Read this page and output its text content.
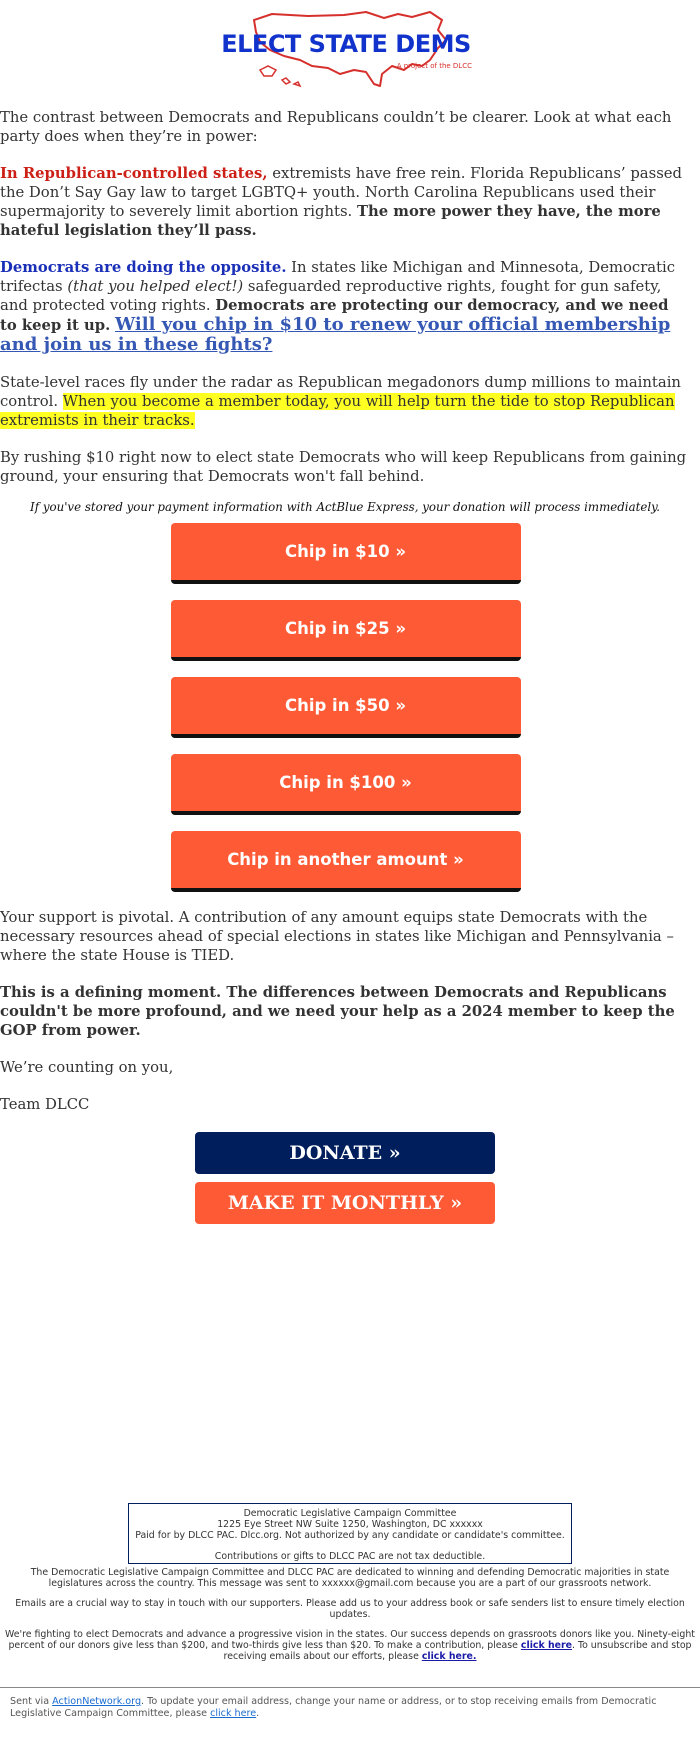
ELECT STATE DEMS
A project of the DLCC

The contrast between Democrats and Republicans couldn’t be clearer. Look at what each party does when they’re in power:

In Republican-controlled states, extremists have free rein. Florida Republicans’ passed the Don’t Say Gay law to target LGBTQ+ youth. North Carolina Republicans used their supermajority to severely limit abortion rights. The more power they have, the more hateful legislation they’ll pass.

Democrats are doing the opposite. In states like Michigan and Minnesota, Democratic trifectas (that you helped elect!) safeguarded reproductive rights, fought for gun safety, and protected voting rights. Democrats are protecting our democracy, and we need to keep it up. Will you chip in $10 to renew your official membership and join us in these fights?

State-level races fly under the radar as Republican megadonors dump millions to maintain control. When you become a member today, you will help turn the tide to stop Republican extremists in their tracks.

By rushing $10 right now to elect state Democrats who will keep Republicans from gaining ground, your ensuring that Democrats won't fall behind.

If you've stored your payment information with ActBlue Express, your donation will process immediately.
Chip in $10 »
Chip in $25 »
Chip in $50 »
Chip in $100 »
Chip in another amount »

Your support is pivotal. A contribution of any amount equips state Democrats with the necessary resources ahead of special elections in states like Michigan and Pennsylvania – where the state House is TIED.

This is a defining moment. The differences between Democrats and Republicans couldn't be more profound, and we need your help as a 2024 member to keep the GOP from power.

We’re counting on you,

Team DLCC

DONATE »
MAKE IT MONTHLY »
Democratic Legislative Campaign Committee
1225 Eye Street NW Suite 1250, Washington, DC xxxxxx
Paid for by DLCC PAC. Dlcc.org. Not authorized by any candidate or candidate's committee.
Contributions or gifts to DLCC PAC are not tax deductible.
The Democratic Legislative Campaign Committee and DLCC PAC are dedicated to winning and defending Democratic majorities in state legislatures across the country. This message was sent to xxxxxx@gmail.com because you are a part of our grassroots network.
Emails are a crucial way to stay in touch with our supporters. Please add us to your address book or safe senders list to ensure timely election updates.
We're fighting to elect Democrats and advance a progressive vision in the states. Our success depends on grassroots donors like you. Ninety-eight percent of our donors give less than $200, and two-thirds give less than $20. To make a contribution, please click here. To unsubscribe and stop receiving emails about our efforts, please click here.
Sent via ActionNetwork.org. To update your email address, change your name or address, or to stop receiving emails from Democratic Legislative Campaign Committee, please click here.
